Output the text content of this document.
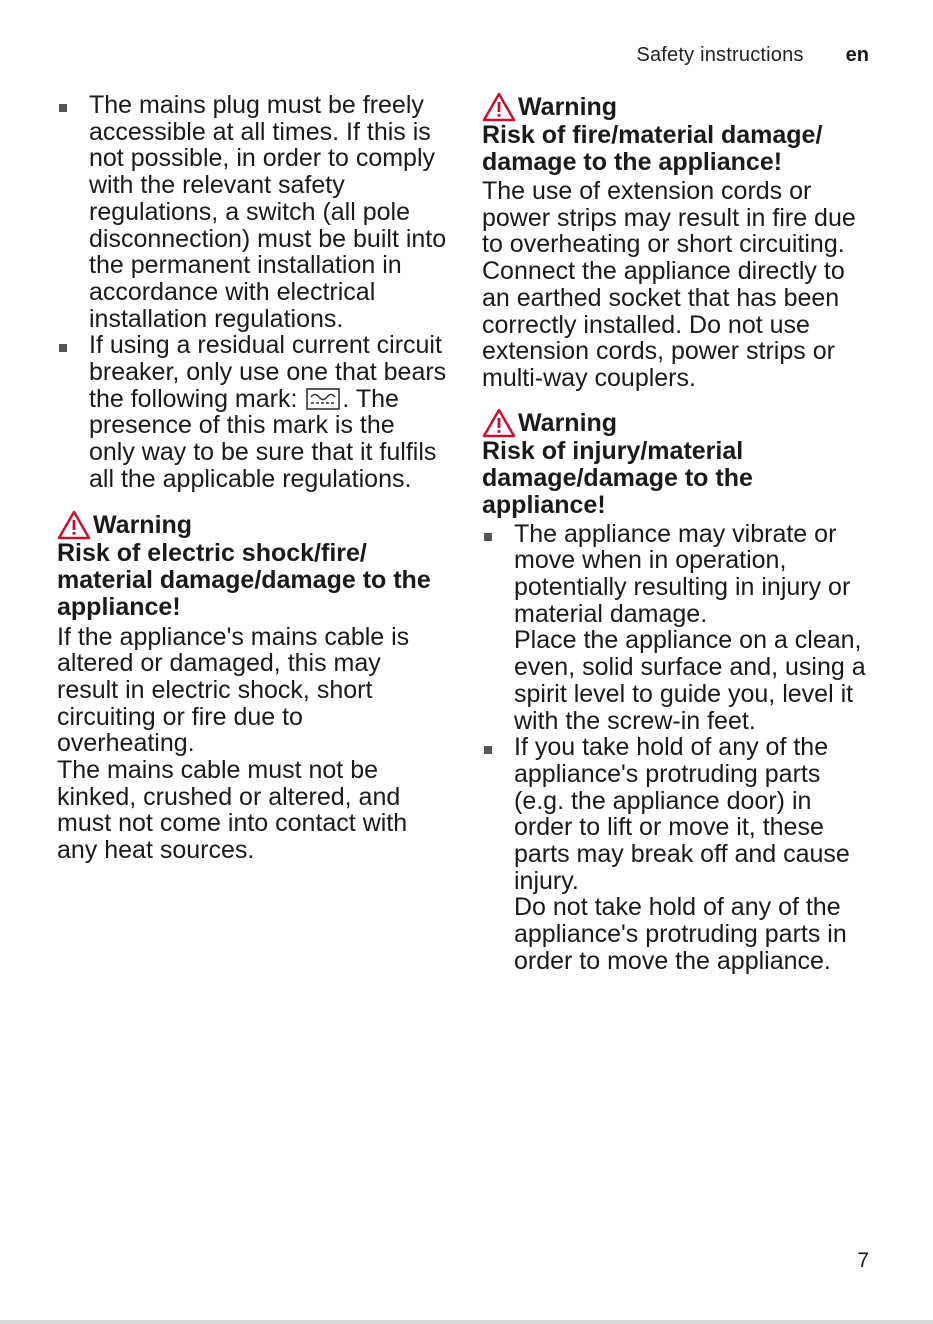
Safety instructions en
The mains plug must be freely accessible at all times. If this is not possible, in order to comply with the relevant safety regulations, a switch (all pole disconnection) must be built into the permanent installation in accordance with electrical installation regulations.
If using a residual current circuit breaker, only use one that bears the following mark: . The presence of this mark is the only way to be sure that it fulfils all the applicable regulations.
Warning

Risk of electric shock/fire/ material damage/damage to the appliance!

If the appliance's mains cable is altered or damaged, this may result in electric shock, short circuiting or fire due to overheating.

The mains cable must not be kinked, crushed or altered, and must not come into contact with any heat sources.

Warning

Risk of fire/material damage/ damage to the appliance!

The use of extension cords or power strips may result in fire due to overheating or short circuiting.

Connect the appliance directly to an earthed socket that has been correctly installed. Do not use extension cords, power strips or multi-way couplers.

Warning

Risk of injury/material damage/damage to the appliance!

The appliance may vibrate or move when in operation, potentially resulting in injury or material damage.
Place the appliance on a clean, even, solid surface and, using a spirit level to guide you, level it with the screw-in feet.
If you take hold of any of the appliance's protruding parts (e.g. the appliance door) in order to lift or move it, these parts may break off and cause injury.
Do not take hold of any of the appliance's protruding parts in order to move the appliance.
7
